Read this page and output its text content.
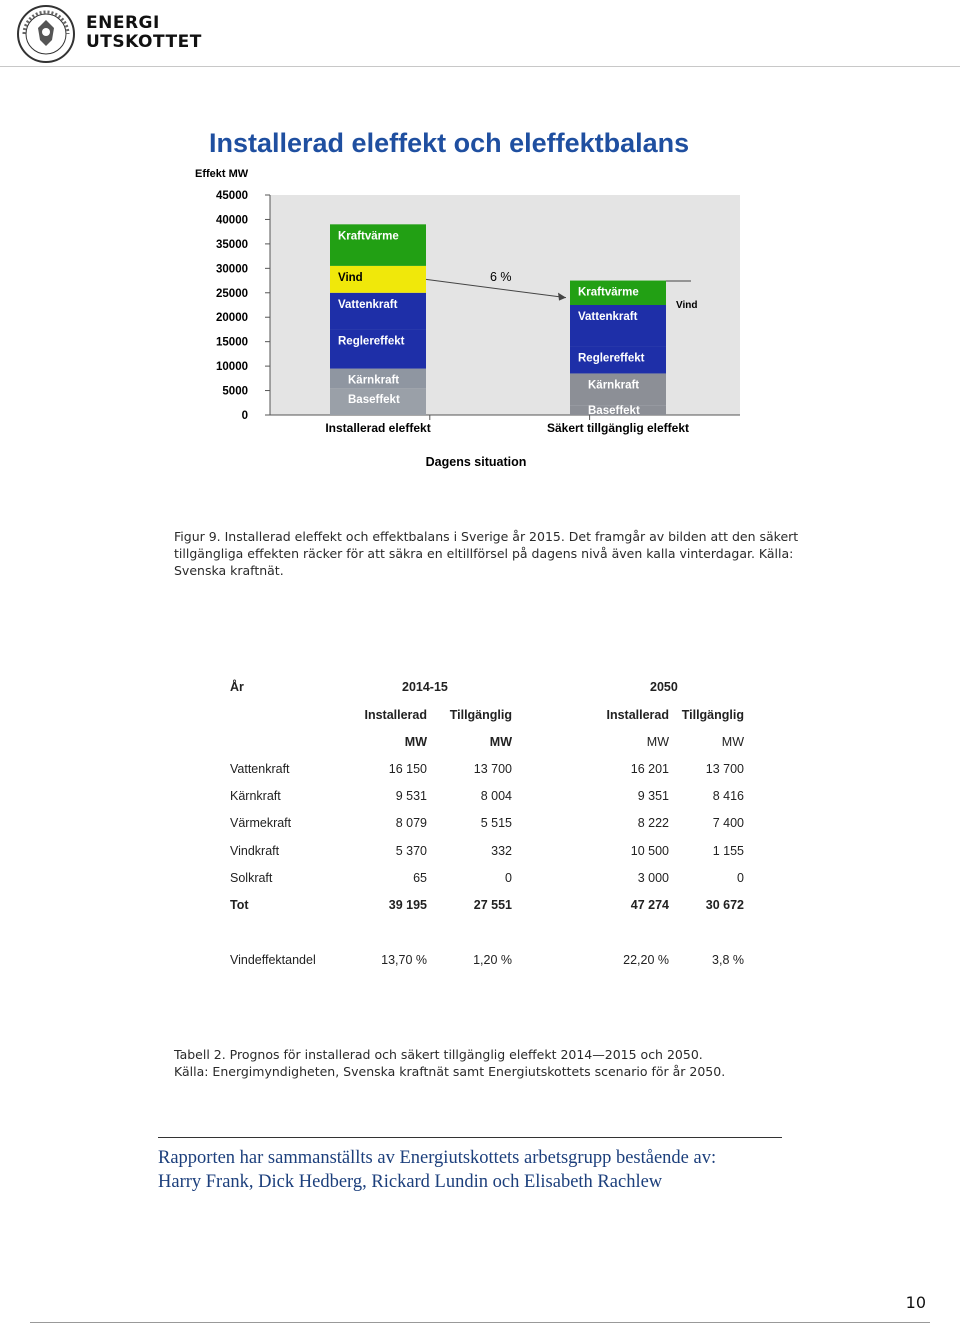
ENERGI
UTSKOTTET
Installerad eleffekt och eleffektbalans
Effekt MW
45000
40000
35000
30000
25000
20000
15000
10000
5000
0
Baseffekt
Kärnkraft
Reglereffekt
Vattenkraft
Vind
Kraftvärme
Installerad eleffekt
Baseffekt
Kärnkraft
Reglereffekt
Vattenkraft
Kraftvärme
Säkert tillgänglig eleffekt
6 %
Vind
Dagens situation
Figur 9. Installerad eleffekt och effektbalans i Sverige år 2015. Det framgår av bilden att den säkert tillgängliga effekten räcker för att säkra en eltillförsel på dagens nivå även kalla vinterdagar. Källa: Svenska kraftnät.
År	2014-15	2050
Installerad	Tillgänglig	Installerad	Tillgänglig
MW	MW	MW	MW
Vattenkraft	16 150	13 700	16 201	13 700
Kärnkraft	9 531	8 004	9 351	8 416
Värmekraft	8 079	5 515	8 222	7 400
Vindkraft	5 370	332	10 500	1 155
Solkraft	65	0	3 000	0
Tot	39 195	27 551	47 274	30 672
Vindeffektandel	13,70 %	1,20 %	22,20 %	3,8 %
Tabell 2. Prognos för installerad och säkert tillgänglig eleffekt 2014—2015 och 2050.
Källa: Energimyndigheten, Svenska kraftnät samt Energiutskottets scenario för år 2050.
Rapporten har sammanställts av Energiutskottets arbetsgrupp bestående av:
Harry Frank, Dick Hedberg, Rickard Lundin och Elisabeth Rachlew
10
